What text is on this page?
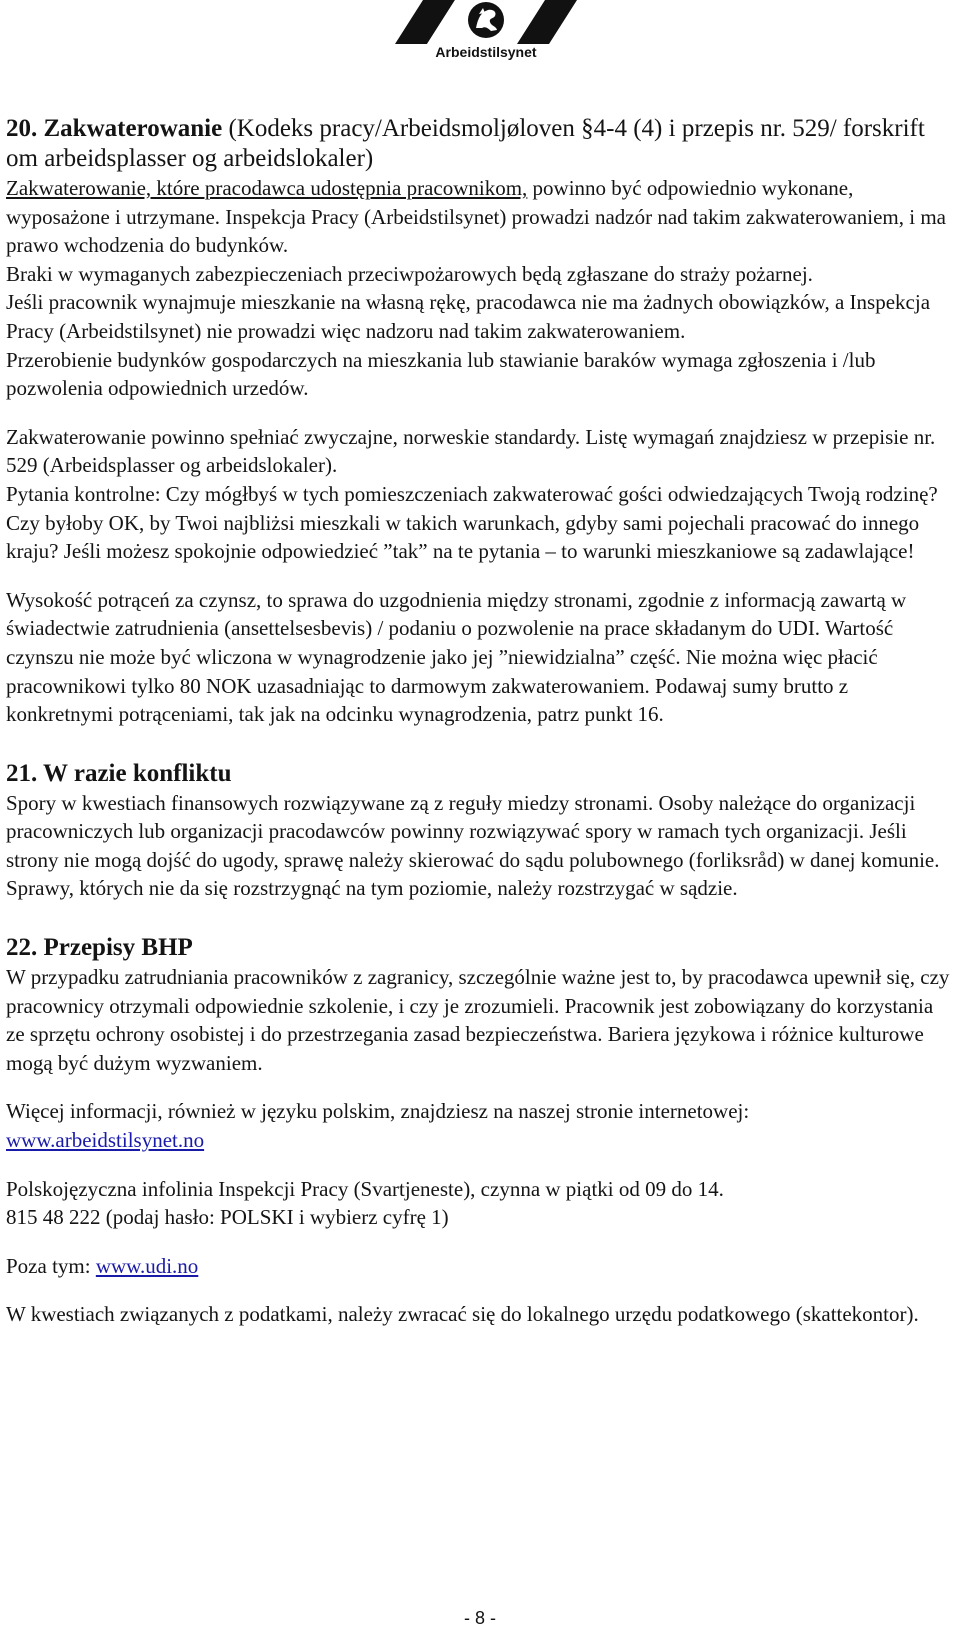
Arbeidstilsynet

20. Zakwaterowanie (Kodeks pracy/Arbeidsmoljøloven §4-4 (4) i przepis nr. 529/ forskrift om arbeidsplasser og arbeidslokaler)

Zakwaterowanie, które pracodawca udostępnia pracownikom, powinno być odpowiednio wykonane, wyposażone i utrzymane. Inspekcja Pracy (Arbeidstilsynet) prowadzi nadzór nad takim zakwaterowaniem, i ma prawo wchodzenia do budynków.

Braki w wymaganych zabezpieczeniach przeciwpożarowych będą zgłaszane do straży pożarnej.

Jeśli pracownik wynajmuje mieszkanie na własną rękę, pracodawca nie ma żadnych obowiązków, a Inspekcja Pracy (Arbeidstilsynet) nie prowadzi więc nadzoru nad takim zakwaterowaniem.

Przerobienie budynków gospodarczych na mieszkania lub stawianie baraków wymaga zgłoszenia i /lub pozwolenia odpowiednich urzedów.

Zakwaterowanie powinno spełniać zwyczajne, norweskie standardy. Listę wymagań znajdziesz w przepisie nr. 529 (Arbeidsplasser og arbeidslokaler).

Pytania kontrolne: Czy mógłbyś w tych pomieszczeniach zakwaterować gości odwiedzających Twoją rodzinę? Czy byłoby OK, by Twoi najbliżsi mieszkali w takich warunkach, gdyby sami pojechali pracować do innego kraju? Jeśli możesz spokojnie odpowiedzieć ”tak” na te pytania – to warunki mieszkaniowe są zadawlające!

Wysokość potrąceń za czynsz, to sprawa do uzgodnienia między stronami, zgodnie z informacją zawartą w świadectwie zatrudnienia (ansettelsesbevis) / podaniu o pozwolenie na prace składanym do UDI. Wartość czynszu nie może być wliczona w wynagrodzenie jako jej ”niewidzialna” część. Nie można więc płacić pracownikowi tylko 80 NOK uzasadniając to darmowym zakwaterowaniem. Podawaj sumy brutto z konkretnymi potrąceniami, tak jak na odcinku wynagrodzenia, patrz punkt 16.

21. W razie konfliktu

Spory w kwestiach finansowych rozwiązywane zą z reguły miedzy stronami. Osoby należące do organizacji pracowniczych lub organizacji pracodawców powinny rozwiązywać spory w ramach tych organizacji. Jeśli strony nie mogą dojść do ugody, sprawę należy skierować do sądu polubownego (forliksråd) w danej komunie. Sprawy, których nie da się rozstrzygnąć na tym poziomie, należy rozstrzygać w sądzie.

22. Przepisy BHP

W przypadku zatrudniania pracowników z zagranicy, szczególnie ważne jest to, by pracodawca upewnił się, czy pracownicy otrzymali odpowiednie szkolenie, i czy je zrozumieli. Pracownik jest zobowiązany do korzystania ze sprzętu ochrony osobistej i do przestrzegania zasad bezpieczeństwa. Bariera językowa i różnice kulturowe mogą być dużym wyzwaniem.

Więcej informacji, również w języku polskim, znajdziesz na naszej stronie internetowej:

www.arbeidstilsynet.no

Polskojęzyczna infolinia Inspekcji Pracy (Svartjeneste), czynna w piątki od 09 do 14.

815 48 222 (podaj hasło: POLSKI i wybierz cyfrę 1)

Poza tym: www.udi.no

W kwestiach związanych z podatkami, należy zwracać się do lokalnego urzędu podatkowego (skattekontor).

- 8 -
